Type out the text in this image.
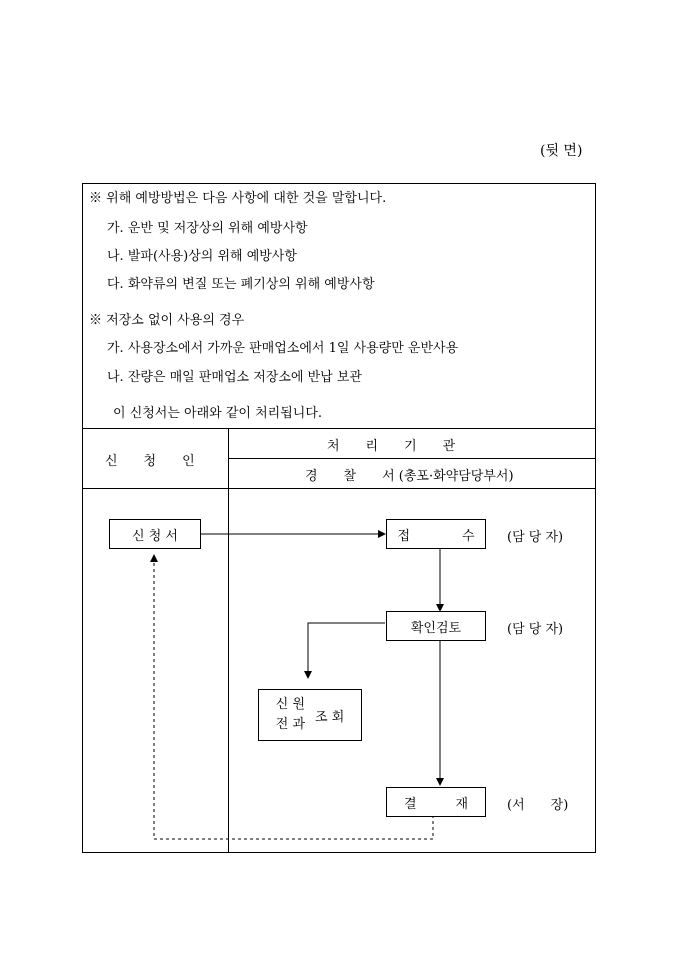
(뒷 면)
※ 위해 예방방법은 다음 사항에 대한 것을 말합니다.
가. 운반 및 저장상의 위해 예방사항
나. 발파(사용)상의 위해 예방사항
다. 화약류의 변질 또는 폐기상의 위해 예방사항
※ 저장소 없이 사용의 경우
가. 사용장소에서 가까운 판매업소에서 1일 사용량만 운반사용
나. 잔량은 매일 판매업소 저장소에 반납 보관
이 신청서는 아래와 같이 처리됩니다.
신　　청　　인
처　　리　　기　　관
경　　찰　　서 (총포·화약담당부서)
신 청 서	접　　　　수	(담 당 자)
확인검토	(담 당 자)
신 원
전 과 조 회
결　　　재	(서　　장)
